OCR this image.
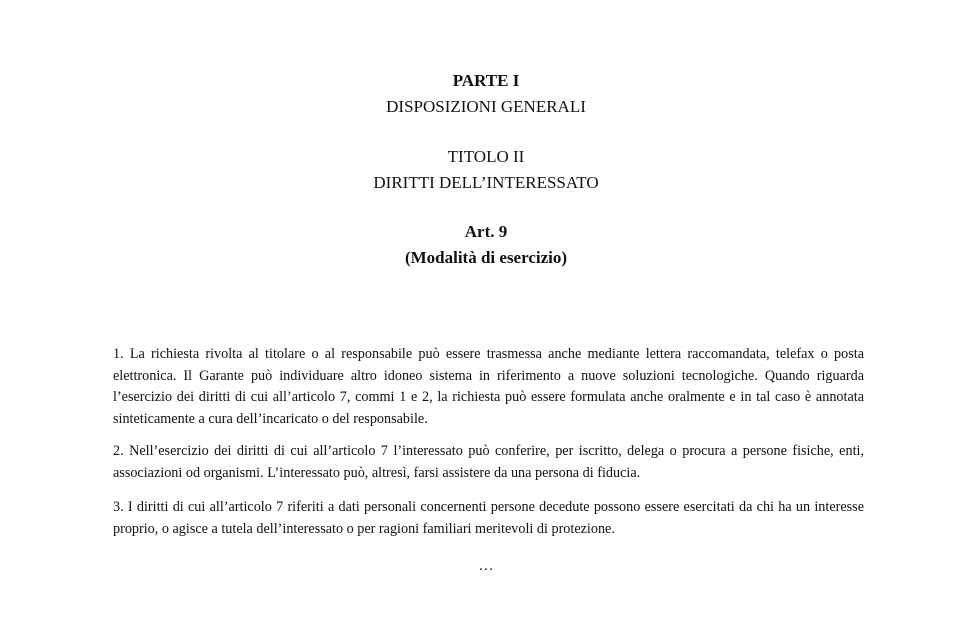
PARTE I
DISPOSIZIONI GENERALI
TITOLO II
DIRITTI DELL’INTERESSATO
Art. 9
(Modalità di esercizio)

1. La richiesta rivolta al titolare o al responsabile può essere trasmessa anche mediante lettera raccomandata, telefax o posta elettronica. Il Garante può individuare altro idoneo sistema in riferimento a nuove soluzioni tecnologiche. Quando riguarda l’esercizio dei diritti di cui all’articolo 7, commi 1 e 2, la richiesta può essere formulata anche oralmente e in tal caso è annotata sinteticamente a cura dell’incaricato o del responsabile.

2. Nell’esercizio dei diritti di cui all’articolo 7 l’interessato può conferire, per iscritto, delega o procura a persone fisiche, enti, associazioni od organismi. L’interessato può, altresì, farsi assistere da una persona di fiducia.

3. I diritti di cui all’articolo 7 riferiti a dati personali concernenti persone decedute possono essere esercitati da chi ha un interesse proprio, o agisce a tutela dell’interessato o per ragioni familiari meritevoli di protezione.

…
